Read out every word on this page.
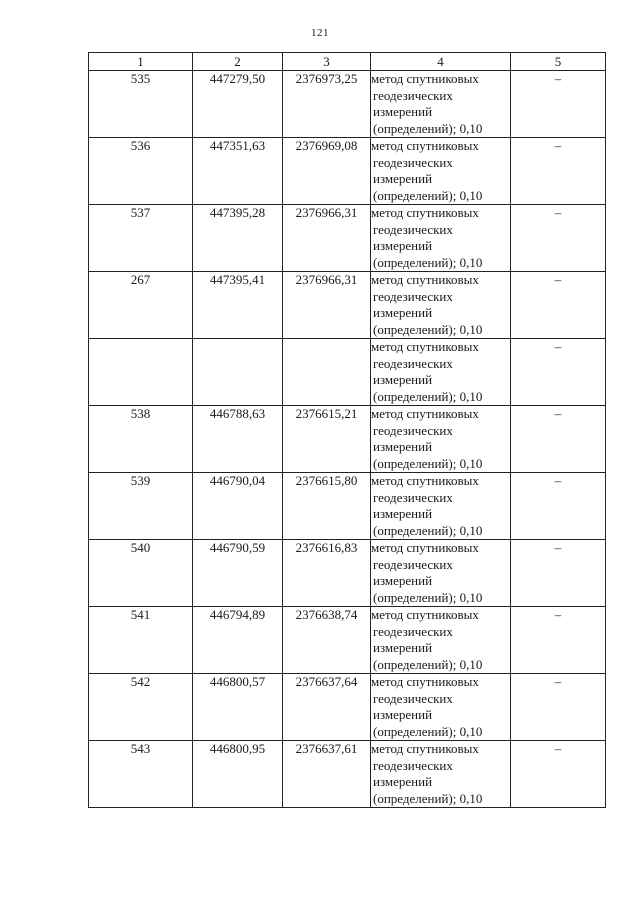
121
1	2	3	4	5
535	447279,50	2376973,25	метод спутниковых
геодезических
измерений
(определений); 0,10	–
536	447351,63	2376969,08	метод спутниковых
геодезических
измерений
(определений); 0,10	–
537	447395,28	2376966,31	метод спутниковых
геодезических
измерений
(определений); 0,10	–
267	447395,41	2376966,31	метод спутниковых
геодезических
измерений
(определений); 0,10	–

			метод спутниковых
геодезических
измерений
(определений); 0,10	–
538	446788,63	2376615,21	метод спутниковых
геодезических
измерений
(определений); 0,10	–
539	446790,04	2376615,80	метод спутниковых
геодезических
измерений
(определений); 0,10	–
540	446790,59	2376616,83	метод спутниковых
геодезических
измерений
(определений); 0,10	–
541	446794,89	2376638,74	метод спутниковых
геодезических
измерений
(определений); 0,10	–
542	446800,57	2376637,64	метод спутниковых
геодезических
измерений
(определений); 0,10	–
543	446800,95	2376637,61	метод спутниковых
геодезических
измерений
(определений); 0,10	–
